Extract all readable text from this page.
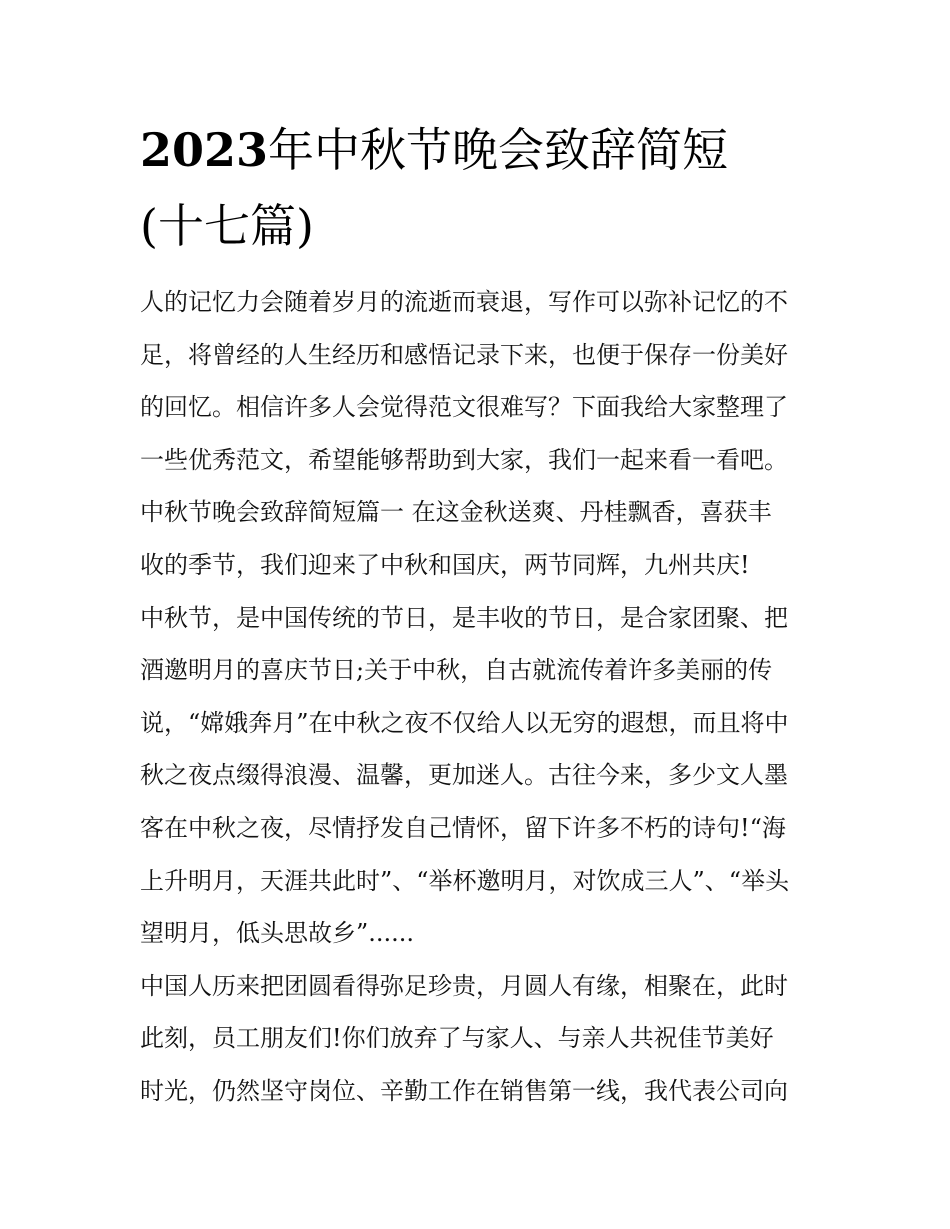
2023年中秋节晚会致辞简短
(十七篇)
人的记忆力会随着岁月的流逝而衰退，写作可以弥补记忆的不
足，将曾经的人生经历和感悟记录下来，也便于保存一份美好
的回忆。相信许多人会觉得范文很难写？下面我给大家整理了
一些优秀范文，希望能够帮助到大家，我们一起来看一看吧。
中秋节晚会致辞简短篇一 在这金秋送爽、丹桂飘香，喜获丰
收的季节，我们迎来了中秋和国庆，两节同辉，九州共庆!
中秋节，是中国传统的节日，是丰收的节日，是合家团聚、把
酒邀明月的喜庆节日;关于中秋，自古就流传着许多美丽的传
说，“嫦娥奔月”在中秋之夜不仅给人以无穷的遐想，而且将中
秋之夜点缀得浪漫、温馨，更加迷人。古往今来，多少文人墨
客在中秋之夜，尽情抒发自己情怀，留下许多不朽的诗句!“海
上升明月，天涯共此时”、“举杯邀明月，对饮成三人”、“举头
望明月，低头思故乡”......
中国人历来把团圆看得弥足珍贵，月圆人有缘，相聚在，此时
此刻，员工朋友们!你们放弃了与家人、与亲人共祝佳节美好
时光，仍然坚守岗位、辛勤工作在销售第一线，我代表公司向
